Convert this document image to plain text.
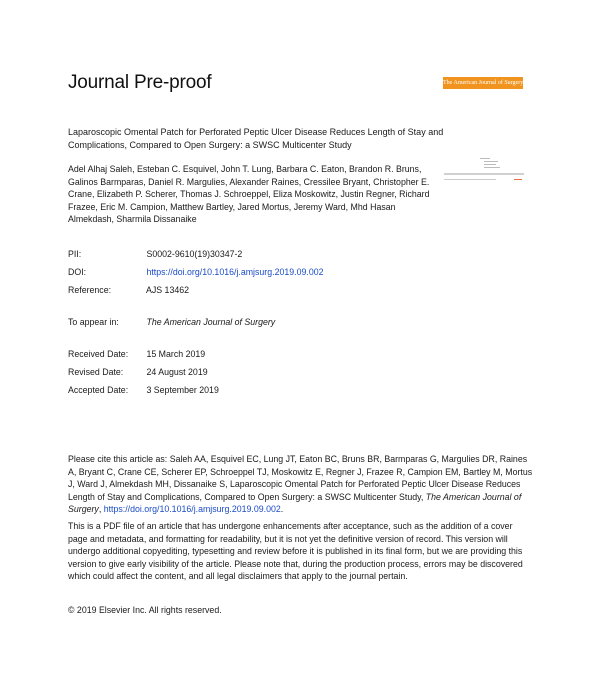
Journal Pre-proof	The American Journal of Surgery
Laparoscopic Omental Patch for Perforated Peptic Ulcer Disease Reduces Length of Stay and Complications, Compared to Open Surgery: a SWSC Multicenter Study
Adel Alhaj Saleh, Esteban C. Esquivel, John T. Lung, Barbara C. Eaton, Brandon R. Bruns, Galinos Barmparas, Daniel R. Margulies, Alexander Raines, Cressilee Bryant, Christopher E. Crane, Elizabeth P. Scherer, Thomas J. Schroeppel, Eliza Moskowitz, Justin Regner, Richard Frazee, Eric M. Campion, Matthew Bartley, Jared Mortus, Jeremy Ward, Mhd Hasan Almekdash, Sharmila Dissanaike
PII:	S0002-9610(19)30347-2
DOI:	https://doi.org/10.1016/j.amjsurg.2019.09.002
Reference:	AJS 13462
To appear in:	The American Journal of Surgery
Received Date: 15 March 2019
Revised Date:	24 August 2019
Accepted Date: 3 September 2019
Please cite this article as: Saleh AA, Esquivel EC, Lung JT, Eaton BC, Bruns BR, Barmparas G, Margulies DR, Raines A, Bryant C, Crane CE, Scherer EP, Schroeppel TJ, Moskowitz E, Regner J, Frazee R, Campion EM, Bartley M, Mortus J, Ward J, Almekdash MH, Dissanaike S, Laparoscopic Omental Patch for Perforated Peptic Ulcer Disease Reduces Length of Stay and Complications, Compared to Open Surgery: a SWSC Multicenter Study, The American Journal of Surgery, https://doi.org/10.1016/j.amjsurg.2019.09.002.
This is a PDF file of an article that has undergone enhancements after acceptance, such as the addition of a cover page and metadata, and formatting for readability, but it is not yet the definitive version of record. This version will undergo additional copyediting, typesetting and review before it is published in its final form, but we are providing this version to give early visibility of the article. Please note that, during the production process, errors may be discovered which could affect the content, and all legal disclaimers that apply to the journal pertain.
© 2019 Elsevier Inc. All rights reserved.
